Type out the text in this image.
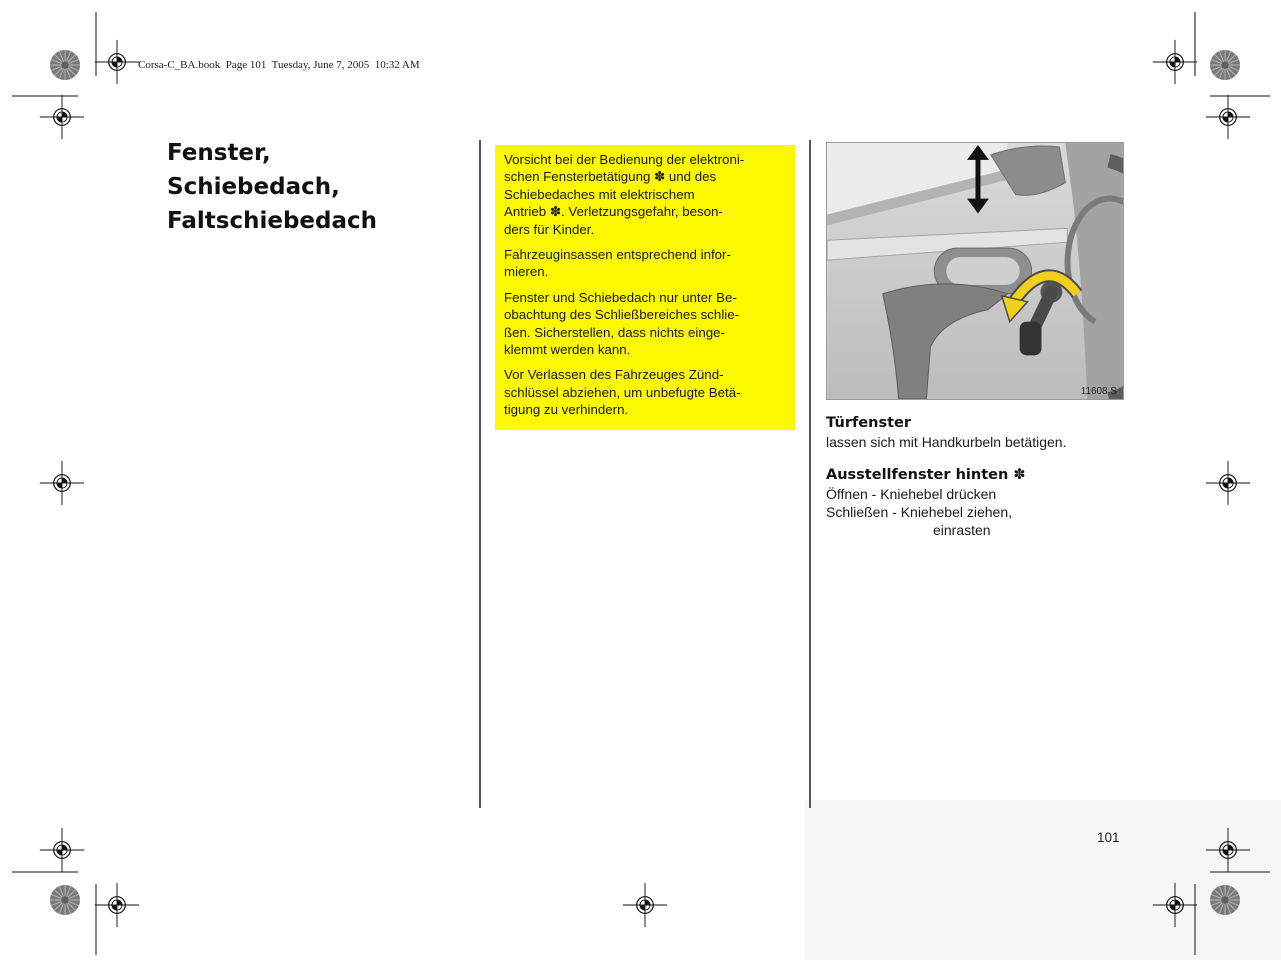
Corsa-C_BA.book  Page 101  Tuesday, June 7, 2005  10:32 AM
Fenster,
Schiebedach,
Faltschiebedach

Vorsicht bei der Bedienung der elektroni-
schen Fensterbetätigung ✽ und des
Schiebedaches mit elektrischem
Antrieb ✽. Verletzungsgefahr, beson-
ders für Kinder.

Fahrzeuginsassen entsprechend infor-
mieren.

Fenster und Schiebedach nur unter Be-
obachtung des Schließbereiches schlie-
ßen. Sicherstellen, dass nichts einge-
klemmt werden kann.

Vor Verlassen des Fahrzeuges Zünd-
schlüssel abziehen, um unbefugte Betä-
tigung zu verhindern.

11608 S
Türfenster
lassen sich mit Handkurbeln betätigen.
Ausstellfenster hinten ✽
Öffnen - Kniehebel drücken
Schließen - Kniehebel ziehen,
einrasten
101
